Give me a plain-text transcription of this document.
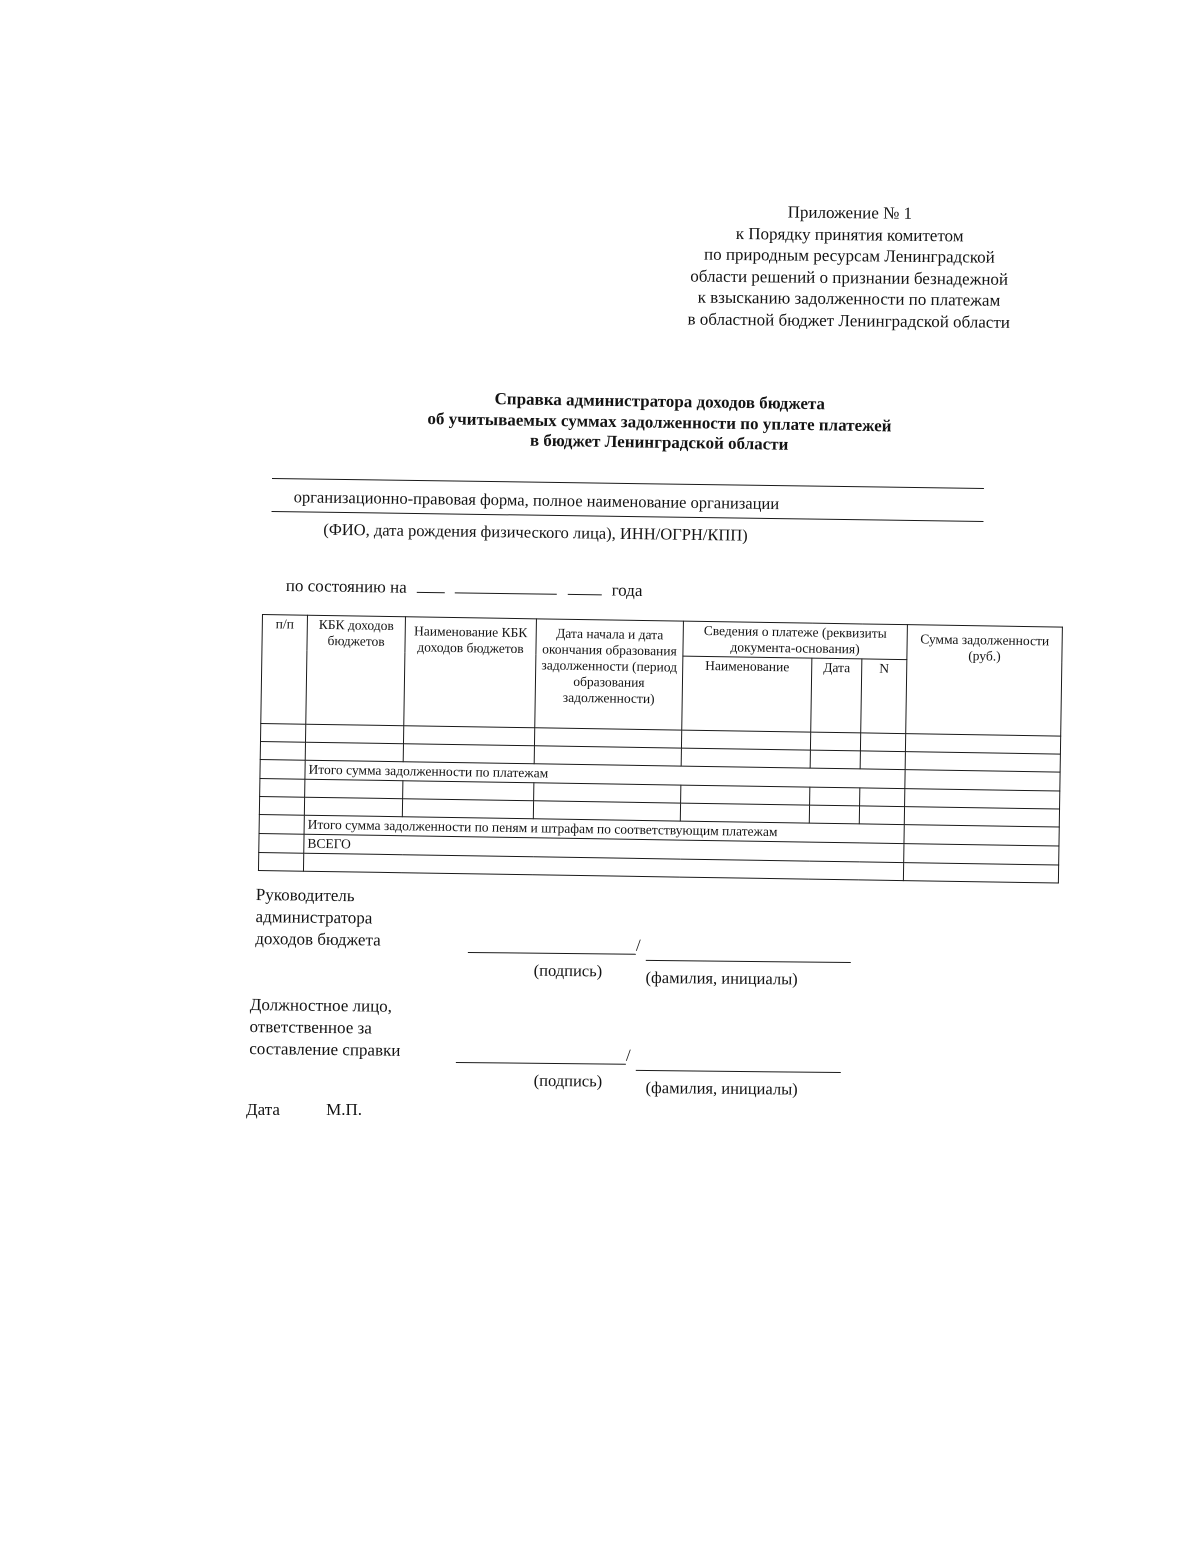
Приложение № 1
к Порядку принятия комитетом
по природным ресурсам Ленинградской
области решений о признании безнадежной
к взысканию задолженности по платежам
в областной бюджет Ленинградской области
Справка администратора доходов бюджета
об учитываемых суммах задолженности по уплате платежей
в бюджет Ленинградской области
организационно-правовая форма, полное наименование организации
(ФИО, дата рождения физического лица), ИНН/ОГРН/КПП)
по состоянию на	года
п/п	КБК доходов бюджетов	Наименование КБК доходов бюджетов	Дата начала и дата окончания образования задолженности (период образования задолженности)	Сведения о платеже (реквизиты документа-основания)			Сумма задолженности (руб.)
				Наименование	Дата	N	

	Итого сумма задолженности по платежам						

	Итого сумма задолженности по пеням и штрафам по соответствующим платежам						
	ВСЕГО						

Руководитель
администратора
доходов бюджета	/
(подпись)	(фамилия, инициалы)
Должностное лицо,
ответственное за
составление справки	/
(подпись)	(фамилия, инициалы)
Дата	М.П.
